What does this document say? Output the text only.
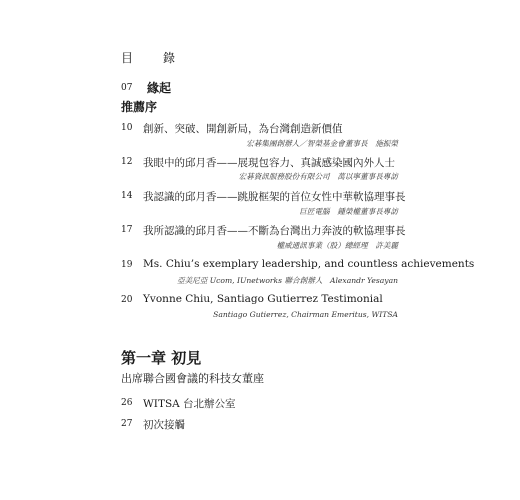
目　錄
07 緣起
推薦序
10 創新、突破、開創新局，為台灣創造新價值
宏碁集團創辦人／智榮基金會董事長　施振榮
12 我眼中的邱月香——展現包容力、真誠感染國內外人士
宏碁資訊服務股份有限公司　萬以寧董事長專訪
14 我認識的邱月香——跳脫框架的首位女性中華軟協理事長
巨匠電腦　鍾榮權董事長專訪
17 我所認識的邱月香——不斷為台灣出力奔波的軟協理事長
權威通訊事業（股）總經理　許美麗
19 Ms. Chiu’s exemplary leadership, and countless achievements
亞美尼亞 Ucom, IUnetworks 聯合創辦人　Alexandr Yesayan
20 Yvonne Chiu, Santiago Gutierrez Testimonial
Santiago Gutierrez, Chairman Emeritus, WITSA
第一章 初見
出席聯合國會議的科技女董座
26 WITSA 台北辦公室
27 初次接觸
